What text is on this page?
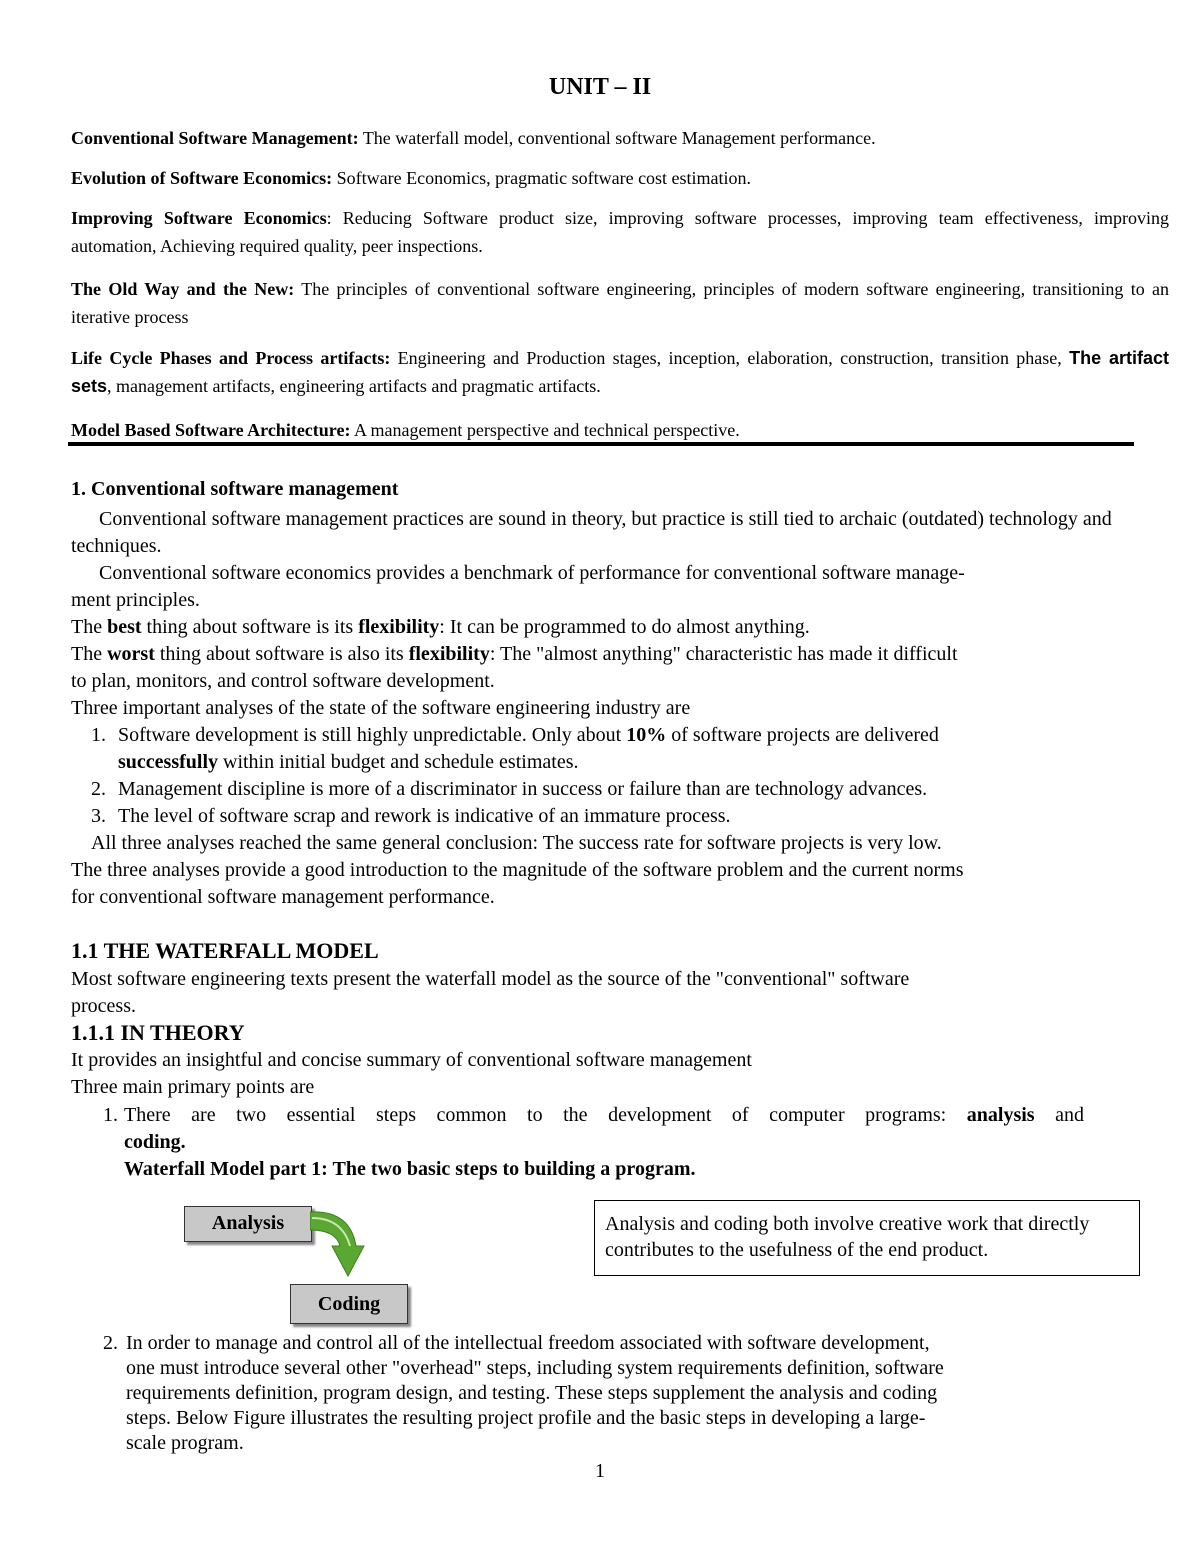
UNIT – II
Conventional Software Management: The waterfall model, conventional software Management performance.
Evolution of Software Economics: Software Economics, pragmatic software cost estimation.
Improving Software Economics: Reducing Software product size, improving software processes, improving team effectiveness, improving automation, Achieving required quality, peer inspections.
The Old Way and the New: The principles of conventional software engineering, principles of modern software engineering, transitioning to an iterative process
Life Cycle Phases and Process artifacts: Engineering and Production stages, inception, elaboration, construction, transition phase, The artifact sets, management artifacts, engineering artifacts and pragmatic artifacts.
Model Based Software Architecture: A management perspective and technical perspective.
1. Conventional software management
Conventional software management practices are sound in theory, but practice is still tied to archaic (outdated) technology and techniques.
Conventional software economics provides a benchmark of performance for conventional software manage-
ment principles.
The best thing about software is its flexibility: It can be programmed to do almost anything.
The worst thing about software is also its flexibility: The "almost anything" characteristic has made it difficult
to plan, monitors, and control software development.
Three important analyses of the state of the software engineering industry are
1. Software development is still highly unpredictable. Only about 10% of software projects are delivered
successfully within initial budget and schedule estimates.
2. Management discipline is more of a discriminator in success or failure than are technology advances.
3. The level of software scrap and rework is indicative of an immature process.
All three analyses reached the same general conclusion: The success rate for software projects is very low.
The three analyses provide a good introduction to the magnitude of the software problem and the current norms
for conventional software management performance.
1.1 THE WATERFALL MODEL
Most software engineering texts present the waterfall model as the source of the "conventional" software
process.
1.1.1 IN THEORY
It provides an insightful and concise summary of conventional software management
Three main primary points are
1. There are two essential steps common to the development of computer programs: analysis and
coding.
Waterfall Model part 1: The two basic steps to building a program.
Analysis
Coding
Analysis and coding both involve creative work that directly contributes to the usefulness of the end product.
2. In order to manage and control all of the intellectual freedom associated with software development,
one must introduce several other "overhead" steps, including system requirements definition, software
requirements definition, program design, and testing. These steps supplement the analysis and coding
steps. Below Figure illustrates the resulting project profile and the basic steps in developing a large-
scale program.
1
